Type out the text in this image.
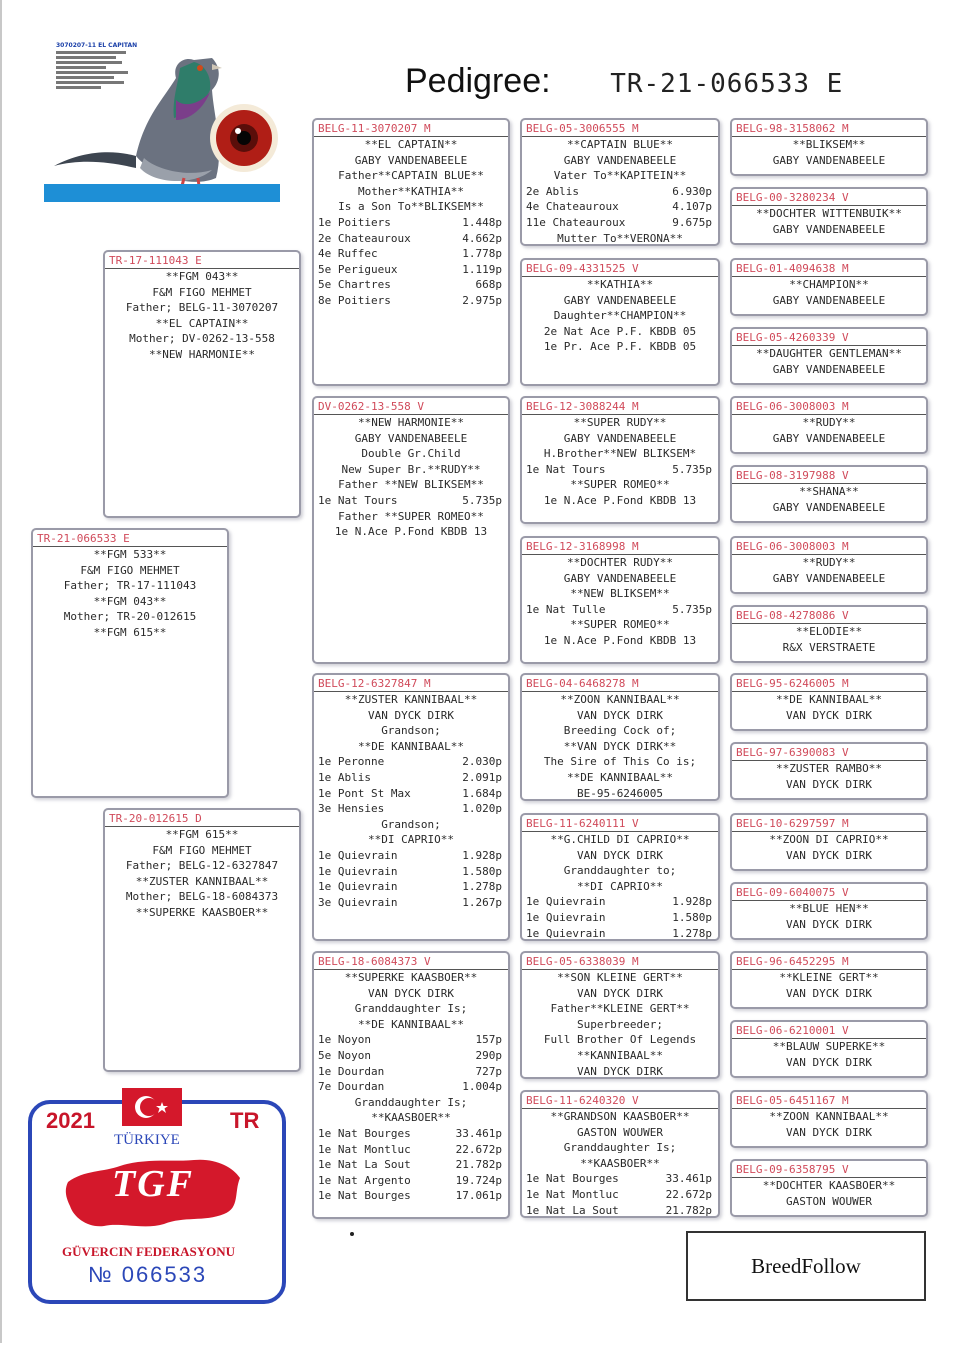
3070207-11 EL CAPITAN
Pedigree: TR-21-066533 E
TR-21-066533 E
**FGM 533**
F&M FIGO MEHMET
Father; TR-17-111043
**FGM 043**
Mother; TR-20-012615
**FGM 615**
TR-17-111043 E
**FGM 043**
F&M FIGO MEHMET
Father; BELG-11-3070207
**EL CAPTAIN**
Mother; DV-0262-13-558
**NEW HARMONIE**
TR-20-012615 D
**FGM 615**
F&M FIGO MEHMET
Father; BELG-12-6327847
**ZUSTER KANNIBAAL**
Mother; BELG-18-6084373
**SUPERKE KAASBOER**
BELG-11-3070207 M
**EL CAPTAIN**
GABY VANDENABEELE
Father**CAPTAIN BLUE**
Mother**KATHIA**
Is a Son To**BLIKSEM**
1e Poitiers	1.448p
2e Chateauroux	4.662p
4e Ruffec	1.778p
5e Perigueux	1.119p
5e Chartres	668p
8e Poitiers	2.975p
DV-0262-13-558 V
**NEW HARMONIE**
GABY VANDENABEELE
Double Gr.Child
New Super Br.**RUDY**
Father **NEW BLIKSEM**
1e Nat Tours	5.735p
Father **SUPER ROMEO**
1e N.Ace P.Fond KBDB 13
BELG-12-6327847 M
**ZUSTER KANNIBAAL**
VAN DYCK DIRK
Grandson;
**DE KANNIBAAL**
1e Peronne	2.030p
1e Ablis	2.091p
1e Pont St Max	1.684p
3e Hensies	1.020p
Grandson;
**DI CAPRIO**
1e Quievrain	1.928p
1e Quievrain	1.580p
1e Quievrain	1.278p
3e Quievrain	1.267p
BELG-18-6084373 V
**SUPERKE KAASBOER**
VAN DYCK DIRK
Granddaughter Is;
**DE KANNIBAAL**
1e Noyon	157p
5e Noyon	290p
1e Dourdan	727p
7e Dourdan	1.004p
Granddaughter Is;
**KAASBOER**
1e Nat Bourges	33.461p
1e Nat Montluc	22.672p
1e Nat La Sout	21.782p
1e Nat Argento	19.724p
1e Nat Bourges	17.061p
BELG-05-3006555 M
**CAPTAIN BLUE**
GABY VANDENABEELE
Vater To**KAPITEIN**
2e Ablis	6.930p
4e Chateauroux	4.107p
11e Chateauroux	9.675p
Mutter To**VERONA**
BELG-09-4331525 V
**KATHIA**
GABY VANDENABEELE
Daughter**CHAMPION**
2e Nat Ace P.F. KBDB 05
1e Pr. Ace P.F. KBDB 05
BELG-12-3088244 M
**SUPER RUDY**
GABY VANDENABEELE
H.Brother**NEW BLIKSEM*
1e Nat Tours	5.735p
**SUPER ROMEO**
1e N.Ace P.Fond KBDB 13
BELG-12-3168998 M
**DOCHTER RUDY**
GABY VANDENABEELE
**NEW BLIKSEM**
1e Nat Tulle	5.735p
**SUPER ROMEO**
1e N.Ace P.Fond KBDB 13
BELG-04-6468278 M
**ZOON KANNIBAAL**
VAN DYCK DIRK
Breeding Cock of;
**VAN DYCK DIRK**
The Sire of This Co is;
**DE KANNIBAAL**
BE-95-6246005
BELG-11-6240111 V
**G.CHILD DI CAPRIO**
VAN DYCK DIRK
Granddaughter to;
**DI CAPRIO**
1e Quievrain	1.928p
1e Quievrain	1.580p
1e Quievrain	1.278p
BELG-05-6338039 M
**SON KLEINE GERT**
VAN DYCK DIRK
Father**KLEINE GERT**
Superbreeder;
Full Brother Of Legends
**KANNIBAAL**
VAN DYCK DIRK
BELG-11-6240320 V
**GRANDSON KAASBOER**
GASTON WOUWER
Granddaughter Is;
**KAASBOER**
1e Nat Bourges	33.461p
1e Nat Montluc	22.672p
1e Nat La Sout	21.782p
BELG-98-3158062 M
**BLIKSEM**
GABY VANDENABEELE
BELG-00-3280234 V
**DOCHTER WITTENBUIK**
GABY VANDENABEELE
BELG-01-4094638 M
**CHAMPION**
GABY VANDENABEELE
BELG-05-4260339 V
**DAUGHTER GENTLEMAN**
GABY VANDENABEELE
BELG-06-3008003 M
**RUDY**
GABY VANDENABEELE
BELG-08-3197988 V
**SHANA**
GABY VANDENABEELE
BELG-06-3008003 M
**RUDY**
GABY VANDENABEELE
BELG-08-4278086 V
**ELODIE**
R&X VERSTRAETE
BELG-95-6246005 M
**DE KANNIBAAL**
VAN DYCK DIRK
BELG-97-6390083 V
**ZUSTER RAMBO**
VAN DYCK DIRK
BELG-10-6297597 M
**ZOON DI CAPRIO**
VAN DYCK DIRK
BELG-09-6040075 V
**BLUE HEN**
VAN DYCK DIRK
BELG-96-6452295 M
**KLEINE GERT**
VAN DYCK DIRK
BELG-06-6210001 V
**BLAUW SUPERKE**
VAN DYCK DIRK
BELG-05-6451167 M
**ZOON KANNIBAAL**
VAN DYCK DIRK
BELG-09-6358795 V
**DOCHTER KAASBOER**
GASTON WOUWER
2021	TR
TÜRKIYE
TGF
GÜVERCIN FEDERASYONU
№ 066533	BreedFollow
